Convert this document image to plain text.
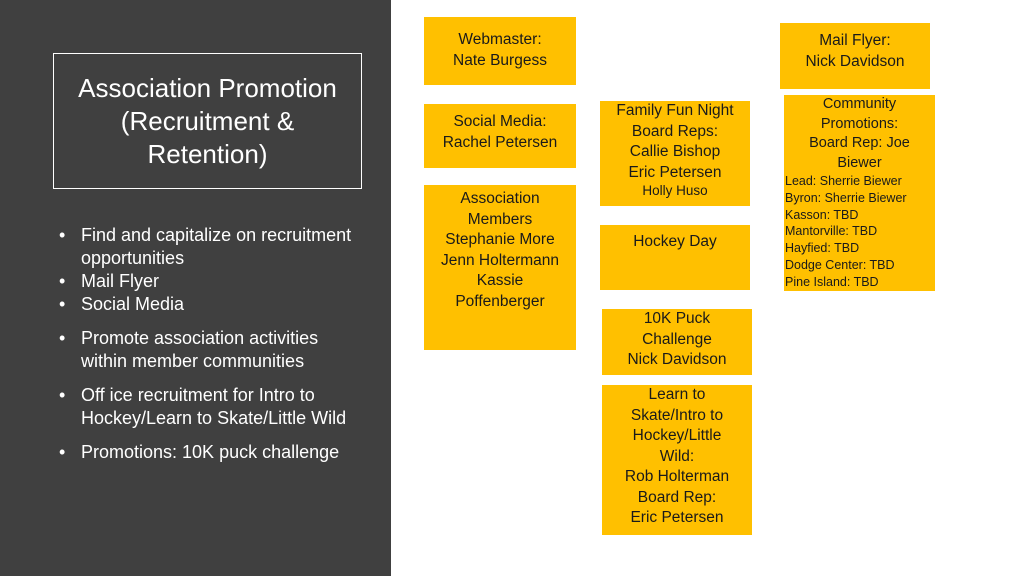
Association Promotion (Recruitment & Retention)
• Find and capitalize on recruitment opportunities
• Mail Flyer
• Social Media
• Promote association activities within member communities
• Off ice recruitment for Intro to Hockey/Learn to Skate/Little Wild
• Promotions: 10K puck challenge
Webmaster:
Nate Burgess
Social Media:
Rachel Petersen
Association
Members
Stephanie More
Jenn Holtermann
Kassie
Poffenberger
Family Fun Night
Board Reps:
Callie Bishop
Eric Petersen
Holly Huso
Hockey Day
10K Puck
Challenge
Nick Davidson
Learn to
Skate/Intro to
Hockey/Little
Wild:
Rob Holterman
Board Rep:
Eric Petersen
Mail Flyer:
Nick Davidson
Community
Promotions:
Board Rep: Joe
Biewer
Lead: Sherrie Biewer
Byron: Sherrie Biewer
Kasson: TBD
Mantorville: TBD
Hayfied: TBD
Dodge Center: TBD
Pine Island: TBD
